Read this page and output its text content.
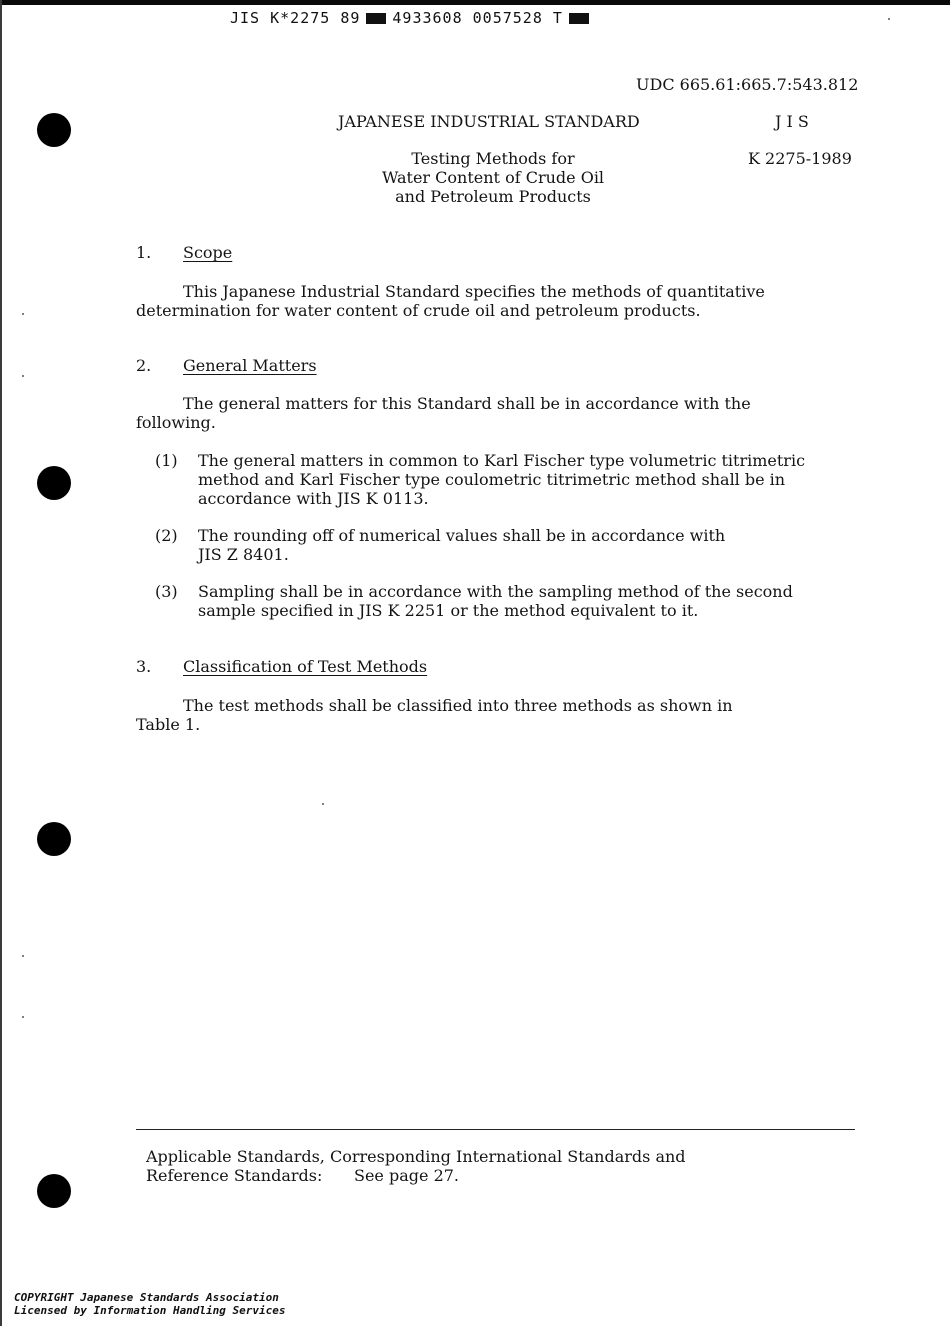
JIS K*2275 89 4933608 0057528 T
UDC 665.61:665.7:543.812
JAPANESE INDUSTRIAL STANDARD	J I S
Testing Methods for
Water Content of Crude Oil
and Petroleum Products
K 2275-1989
1. Scope
This Japanese Industrial Standard specifies the methods of quantitative
determination for water content of crude oil and petroleum products.
2. General Matters
The general matters for this Standard shall be in accordance with the
following.
(1) The general matters in common to Karl Fischer type volumetric titrimetric
method and Karl Fischer type coulometric titrimetric method shall be in
accordance with JIS K 0113.
(2) The rounding off of numerical values shall be in accordance with
JIS Z 8401.
(3) Sampling shall be in accordance with the sampling method of the second
sample specified in JIS K 2251 or the method equivalent to it.
3. Classification of Test Methods
The test methods shall be classified into three methods as shown in
Table 1.
Applicable Standards, Corresponding International Standards and
Reference Standards: See page 27.
COPYRIGHT Japanese Standards Association
Licensed by Information Handling Services
